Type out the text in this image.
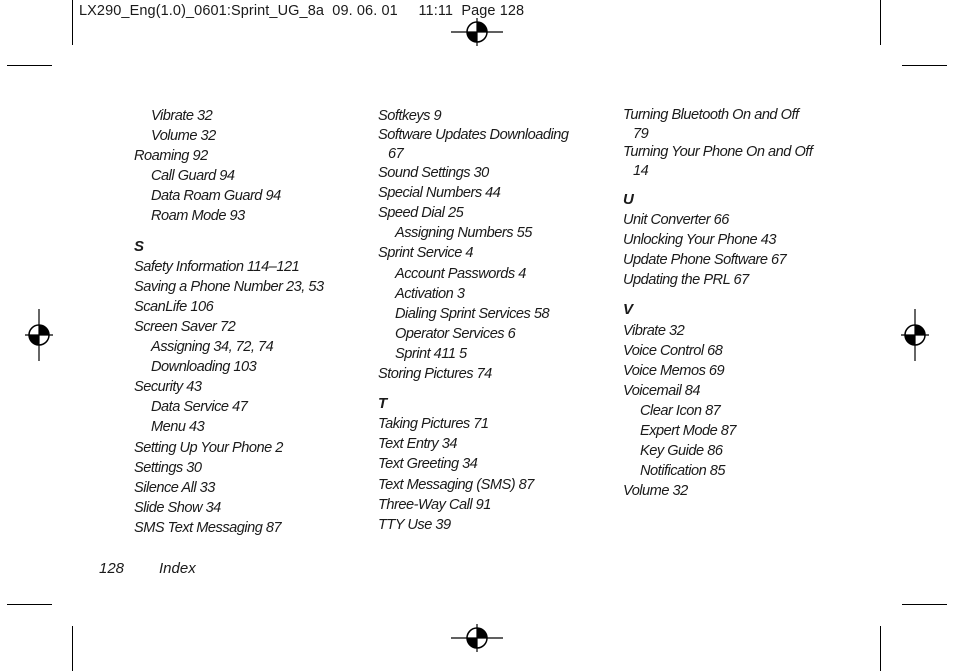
LX290_Eng(1.0)_0601:Sprint_UG_8a  09. 06. 01     11:11  Page 128
Vibrate 32
Volume 32
Roaming 92
Call Guard 94
Data Roam Guard 94
Roam Mode 93
S
Safety Information 114–121
Saving a Phone Number 23, 53
ScanLife 106
Screen Saver 72
Assigning 34, 72, 74
Downloading 103
Security 43
Data Service 47
Menu 43
Setting Up Your Phone 2
Settings 30
Silence All 33
Slide Show 34
SMS Text Messaging 87
Softkeys 9
Software Updates Downloading
67
Sound Settings 30
Special Numbers 44
Speed Dial 25
Assigning Numbers 55
Sprint Service 4
Account Passwords 4
Activation 3
Dialing Sprint Services 58
Operator Services 6
Sprint 411 5
Storing Pictures 74
T
Taking Pictures 71
Text Entry 34
Text Greeting 34
Text Messaging (SMS) 87
Three-Way Call 91
TTY Use 39
Turning Bluetooth On and Off
79
Turning Your Phone On and Off
14
U
Unit Converter 66
Unlocking Your Phone 43
Update Phone Software 67
Updating the PRL 67
V
Vibrate 32
Voice Control 68
Voice Memos 69
Voicemail 84
Clear Icon 87
Expert Mode 87
Key Guide 86
Notification 85
Volume 32
128 Index
